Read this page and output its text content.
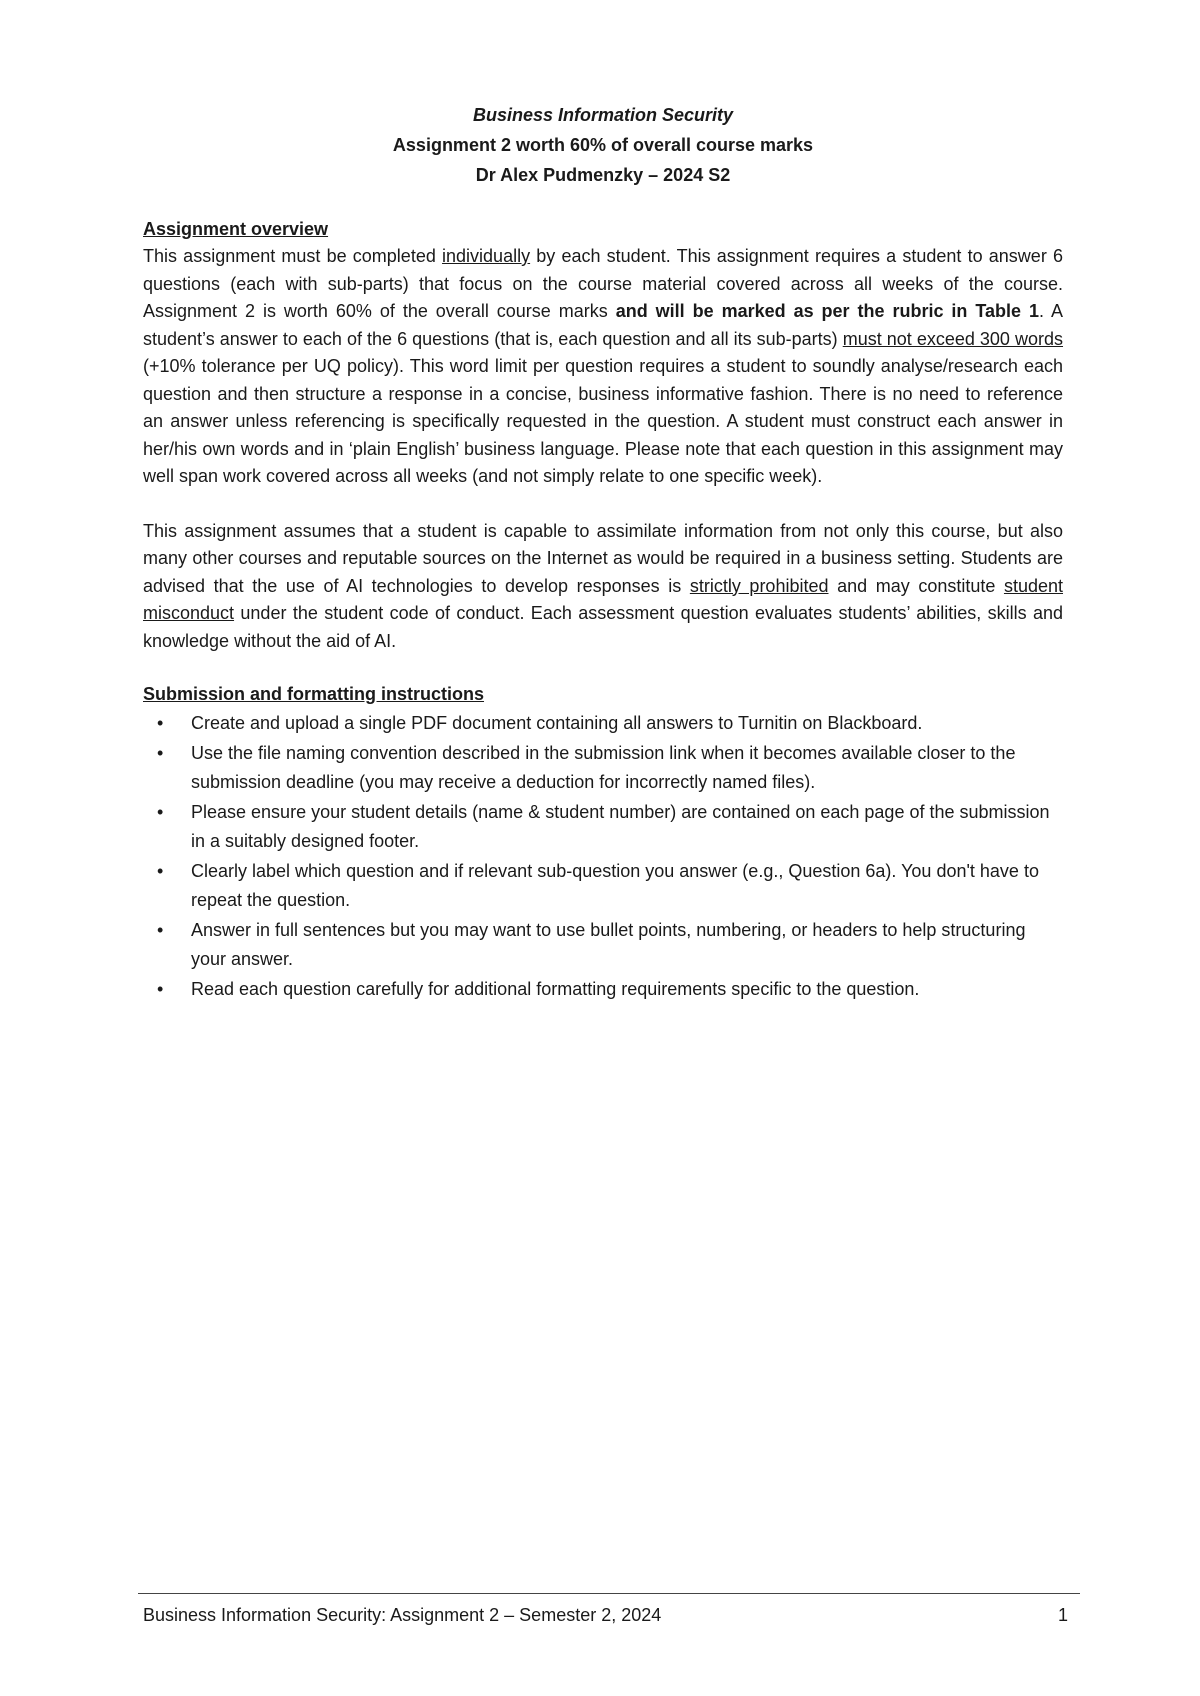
Business Information Security
Assignment 2 worth 60% of overall course marks
Dr Alex Pudmenzky – 2024 S2
Assignment overview

This assignment must be completed individually by each student. This assignment requires a student to answer 6 questions (each with sub-parts) that focus on the course material covered across all weeks of the course. Assignment 2 is worth 60% of the overall course marks and will be marked as per the rubric in Table 1. A student’s answer to each of the 6 questions (that is, each question and all its sub-parts) must not exceed 300 words (+10% tolerance per UQ policy). This word limit per question requires a student to soundly analyse/research each question and then structure a response in a concise, business informative fashion. There is no need to reference an answer unless referencing is specifically requested in the question. A student must construct each answer in her/his own words and in ‘plain English’ business language. Please note that each question in this assignment may well span work covered across all weeks (and not simply relate to one specific week).

This assignment assumes that a student is capable to assimilate information from not only this course, but also many other courses and reputable sources on the Internet as would be required in a business setting. Students are advised that the use of AI technologies to develop responses is strictly prohibited and may constitute student misconduct under the student code of conduct. Each assessment question evaluates students’ abilities, skills and knowledge without the aid of AI.

Submission and formatting instructions
• Create and upload a single PDF document containing all answers to Turnitin on Blackboard.
• Use the file naming convention described in the submission link when it becomes available closer to the submission deadline (you may receive a deduction for incorrectly named files).
• Please ensure your student details (name & student number) are contained on each page of the submission in a suitably designed footer.
• Clearly label which question and if relevant sub-question you answer (e.g., Question 6a). You don't have to repeat the question.
• Answer in full sentences but you may want to use bullet points, numbering, or headers to help structuring your answer.
• Read each question carefully for additional formatting requirements specific to the question.
Business Information Security: Assignment 2 – Semester 2, 2024	1
